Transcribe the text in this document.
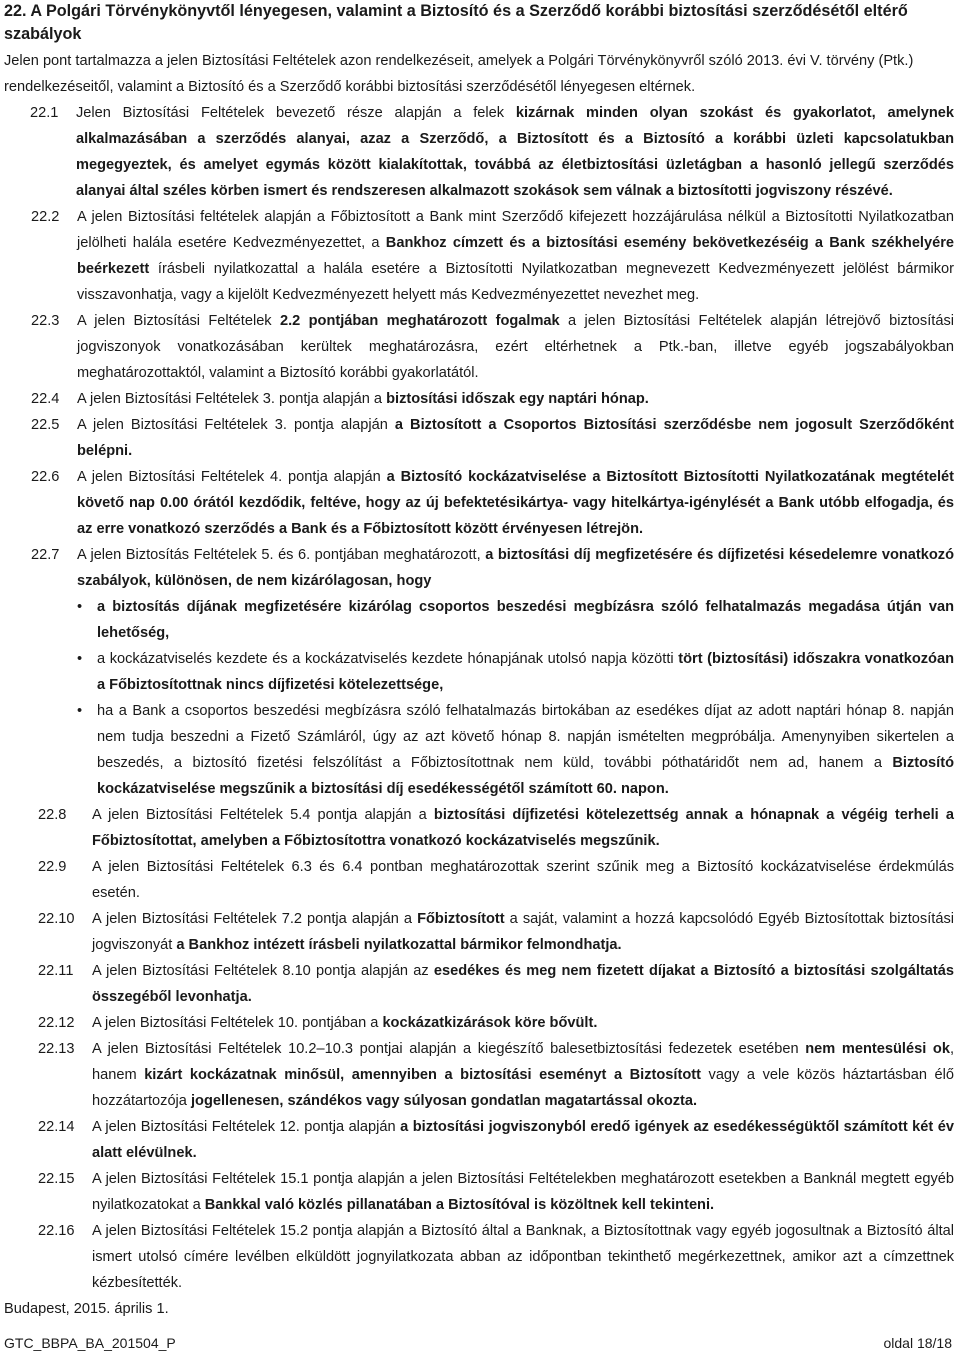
22. A Polgári Törvénykönyvtől lényegesen, valamint a Biztosító és a Szerződő korábbi biztosítási szerződésétől eltérő szabályok
Jelen pont tartalmazza a jelen Biztosítási Feltételek azon rendelkezéseit, amelyek a Polgári Törvénykönyvről szóló 2013. évi V. törvény (Ptk.) rendelkezéseitől, valamint a Biztosító és a Szerződő korábbi biztosítási szerződésétől lényegesen eltérnek.
22.1	Jelen Biztosítási Feltételek bevezető része alapján a felek kizárnak minden olyan szokást és gyakorlatot, amelynek alkalmazásában a szerződés alanyai, azaz a Szerződő, a Biztosított és a Biztosító a korábbi üzleti kapcsolatukban megegyeztek, és amelyet egymás között kialakítottak, továbbá az életbiztosítási üzletágban a hasonló jellegű szerződés alanyai által széles körben ismert és rendszeresen alkalmazott szokások sem válnak a biztosítotti jogviszony részévé.
22.2	A jelen Biztosítási feltételek alapján a Főbiztosított a Bank mint Szerződő kifejezett hozzájárulása nélkül a Biztosítotti Nyilatkozatban jelölheti halála esetére Kedvezményezettet, a Bankhoz címzett és a biztosítási esemény bekövetkezéséig a Bank székhelyére beérkezett írásbeli nyilatkozattal a halála esetére a Biztosítotti Nyilatkozatban megnevezett Kedvezményezett jelölést bármikor visszavonhatja, vagy a kijelölt Kedvezményezett helyett más Kedvezményezettet nevezhet meg.
22.3	A jelen Biztosítási Feltételek 2.2 pontjában meghatározott fogalmak a jelen Biztosítási Feltételek alapján létrejövő biztosítási jogviszonyok vonatkozásában kerültek meghatározásra, ezért eltérhetnek a Ptk.-ban, illetve egyéb jogszabályokban meghatározottaktól, valamint a Biztosító korábbi gyakorlatától.
22.4	A jelen Biztosítási Feltételek 3. pontja alapján a biztosítási időszak egy naptári hónap.
22.5	A jelen Biztosítási Feltételek 3. pontja alapján a Biztosított a Csoportos Biztosítási szerződésbe nem jogosult Szerződőként belépni.
22.6	A jelen Biztosítási Feltételek 4. pontja alapján a Biztosító kockázatviselése a Biztosított Biztosítotti Nyilatkozatának megtételét követő nap 0.00 órától kezdődik, feltéve, hogy az új befektetésikártya- vagy hitelkártya-igénylését a Bank utóbb elfogadja, és az erre vonatkozó szerződés a Bank és a Főbiztosított között érvényesen létrejön.
22.7	A jelen Biztosítás Feltételek 5. és 6. pontjában meghatározott, a biztosítási díj megfizetésére és díjfizetési késedelemre vonatkozó szabályok, különösen, de nem kizárólagosan, hogy
•	a biztosítás díjának megfizetésére kizárólag csoportos beszedési megbízásra szóló felhatalmazás megadása útján van lehetőség,
•	a kockázatviselés kezdete és a kockázatviselés kezdete hónapjának utolsó napja közötti tört (biztosítási) időszakra vonatkozóan a Főbiztosítottnak nincs díjfizetési kötelezettsége,
•	ha a Bank a csoportos beszedési megbízásra szóló felhatalmazás birtokában az esedékes díjat az adott naptári hónap 8. napján nem tudja beszedni a Fizető Számláról, úgy az azt követő hónap 8. napján ismételten megpróbálja. Amenynyiben sikertelen a beszedés, a biztosító fizetési felszólítást a Főbiztosítottnak nem küld, további póthatáridőt nem ad, hanem a Biztosító kockázatviselése megszűnik a biztosítási díj esedékességétől számított 60. napon.
22.8	A jelen Biztosítási Feltételek 5.4 pontja alapján a biztosítási díjfizetési kötelezettség annak a hónapnak a végéig terheli a Főbiztosítottat, amelyben a Főbiztosítottra vonatkozó kockázatviselés megszűnik.
22.9	A jelen Biztosítási Feltételek 6.3 és 6.4 pontban meghatározottak szerint szűnik meg a Biztosító kockázatviselése érdekmúlás esetén.
22.10	A jelen Biztosítási Feltételek 7.2 pontja alapján a Főbiztosított a saját, valamint a hozzá kapcsolódó Egyéb Biztosítottak biztosítási jogviszonyát a Bankhoz intézett írásbeli nyilatkozattal bármikor felmondhatja.
22.11	A jelen Biztosítási Feltételek 8.10 pontja alapján az esedékes és meg nem fizetett díjakat a Biztosító a biztosítási szolgáltatás összegéből levonhatja.
22.12	A jelen Biztosítási Feltételek 10. pontjában a kockázatkizárások köre bővült.
22.13	A jelen Biztosítási Feltételek 10.2–10.3 pontjai alapján a kiegészítő balesetbiztosítási fedezetek esetében nem mentesülési ok, hanem kizárt kockázatnak minősül, amennyiben a biztosítási eseményt a Biztosított vagy a vele közös háztartásban élő hozzátartozója jogellenesen, szándékos vagy súlyosan gondatlan magatartással okozta.
22.14	A jelen Biztosítási Feltételek 12. pontja alapján a biztosítási jogviszonyból eredő igények az esedékességüktől számított két év alatt elévülnek.
22.15	A jelen Biztosítási Feltételek 15.1 pontja alapján a jelen Biztosítási Feltételekben meghatározott esetekben a Banknál megtett egyéb nyilatkozatokat a Bankkal való közlés pillanatában a Biztosítóval is közöltnek kell tekinteni.
22.16	A jelen Biztosítási Feltételek 15.2 pontja alapján a Biztosító által a Banknak, a Biztosítottnak vagy egyéb jogosultnak a Biztosító által ismert utolsó címére levélben elküldött jognyilatkozata abban az időpontban tekinthető megérkezettnek, amikor azt a címzettnek kézbesítették.
Budapest, 2015. április 1.
GTC_BBPA_BA_201504_P	oldal 18/18
